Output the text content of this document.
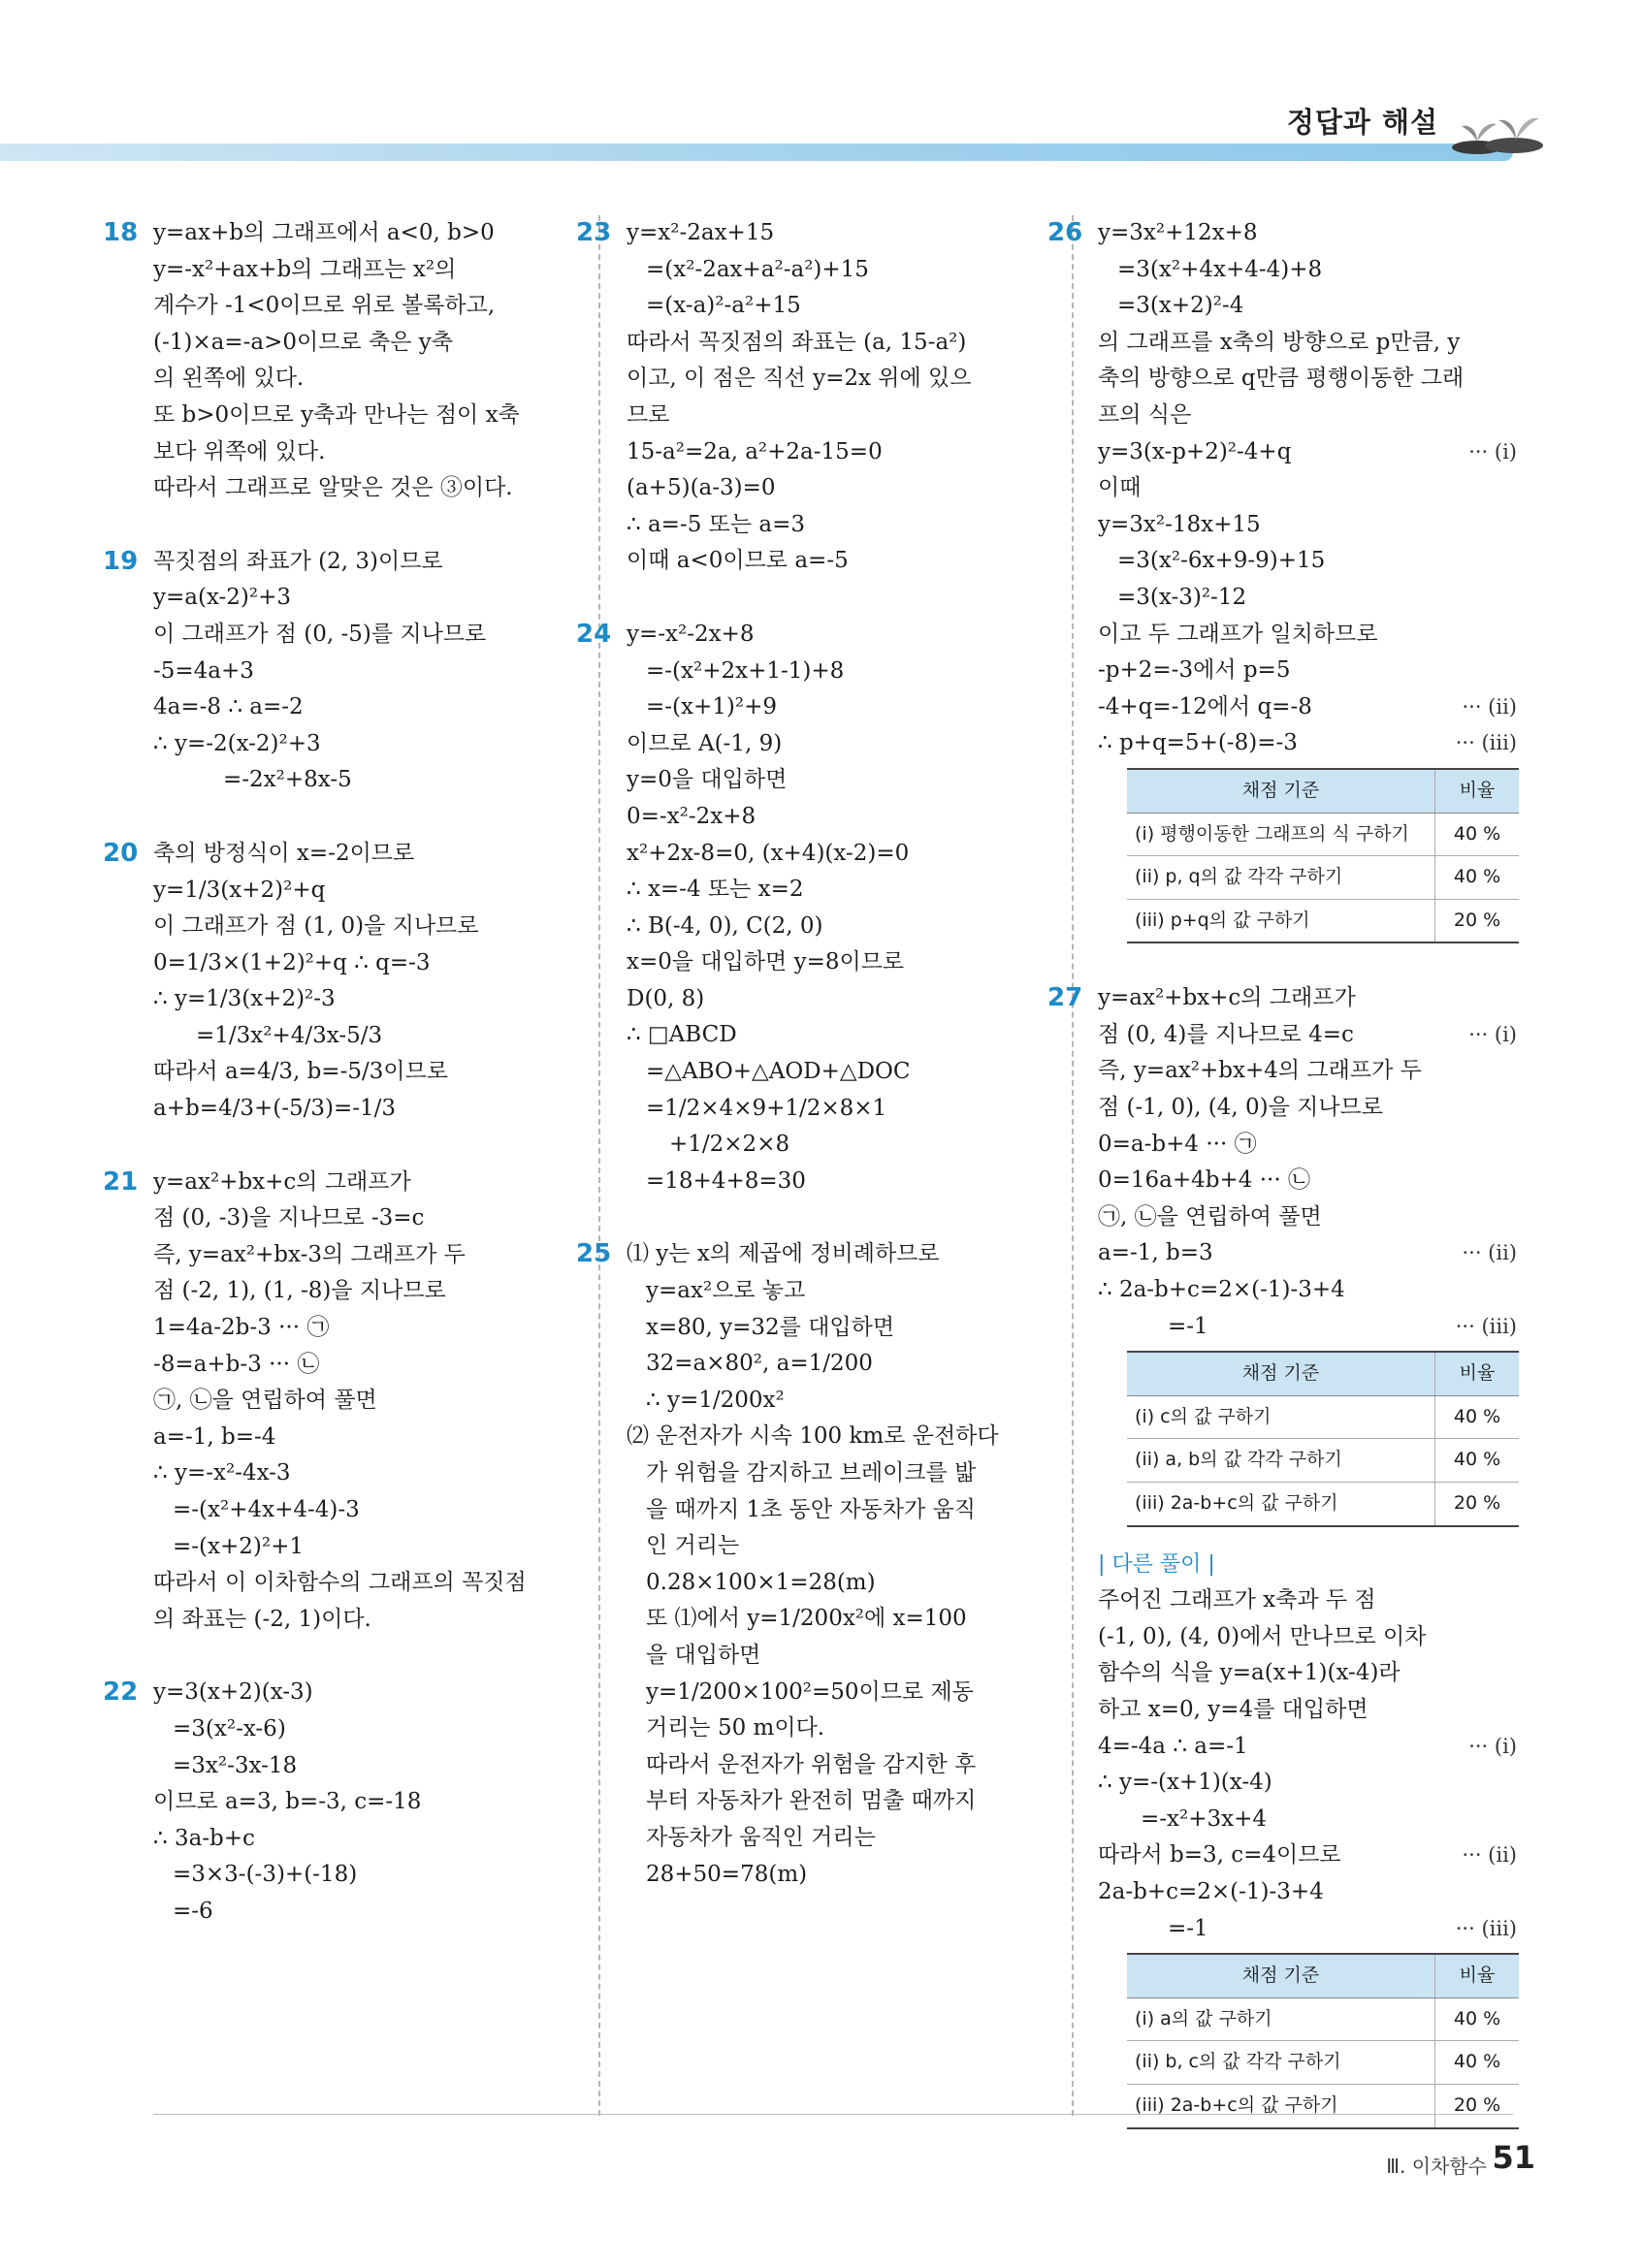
정답과 해설
18 y=ax+b의 그래프에서 a<0, b>0
y=-x²+ax+b의 그래프는 x²의
계수가 -1<0이므로 위로 볼록하고,
(-1)×a=-a>0이므로 축은 y축
의 왼쪽에 있다.
또 b>0이므로 y축과 만나는 점이 x축
보다 위쪽에 있다.
따라서 그래프로 알맞은 것은 ③이다.
19 꼭짓점의 좌표가 (2, 3)이므로
y=a(x-2)²+3
이 그래프가 점 (0, -5)를 지나므로
-5=4a+3
4a=-8 ∴ a=-2
∴ y=-2(x-2)²+3
=-2x²+8x-5
20 축의 방정식이 x=-2이므로
y=1/3(x+2)²+q
이 그래프가 점 (1, 0)을 지나므로
0=1/3×(1+2)²+q ∴ q=-3
∴ y=1/3(x+2)²-3
=1/3x²+4/3x-5/3
따라서 a=4/3, b=-5/3이므로
a+b=4/3+(-5/3)=-1/3
21 y=ax²+bx+c의 그래프가
점 (0, -3)을 지나므로 -3=c
즉, y=ax²+bx-3의 그래프가 두
점 (-2, 1), (1, -8)을 지나므로
1=4a-2b-3 ··· ㉠
-8=a+b-3 ··· ㉡
㉠, ㉡을 연립하여 풀면
a=-1, b=-4
∴ y=-x²-4x-3
=-(x²+4x+4-4)-3
=-(x+2)²+1
따라서 이 이차함수의 그래프의 꼭짓점
의 좌표는 (-2, 1)이다.
22 y=3(x+2)(x-3)
=3(x²-x-6)
=3x²-3x-18
이므로 a=3, b=-3, c=-18
∴ 3a-b+c
=3×3-(-3)+(-18)
=-6
23 y=x²-2ax+15
=(x²-2ax+a²-a²)+15
=(x-a)²-a²+15
따라서 꼭짓점의 좌표는 (a, 15-a²)
이고, 이 점은 직선 y=2x 위에 있으
므로
15-a²=2a, a²+2a-15=0
(a+5)(a-3)=0
∴ a=-5 또는 a=3
이때 a<0이므로 a=-5
24 y=-x²-2x+8
=-(x²+2x+1-1)+8
=-(x+1)²+9
이므로 A(-1, 9)
y=0을 대입하면
0=-x²-2x+8
x²+2x-8=0, (x+4)(x-2)=0
∴ x=-4 또는 x=2
∴ B(-4, 0), C(2, 0)
x=0을 대입하면 y=8이므로
D(0, 8)
∴ □ABCD
=△ABO+△AOD+△DOC
=1/2×4×9+1/2×8×1
+1/2×2×8
=18+4+8=30
25 ⑴ y는 x의 제곱에 정비례하므로
y=ax²으로 놓고
x=80, y=32를 대입하면
32=a×80², a=1/200
∴ y=1/200x²
⑵ 운전자가 시속 100 km로 운전하다
가 위험을 감지하고 브레이크를 밟
을 때까지 1초 동안 자동차가 움직
인 거리는
0.28×100×1=28(m)
또 ⑴에서 y=1/200x²에 x=100
을 대입하면
y=1/200×100²=50이므로 제동
거리는 50 m이다.
따라서 운전자가 위험을 감지한 후
부터 자동차가 완전히 멈출 때까지
자동차가 움직인 거리는
28+50=78(m)
26 y=3x²+12x+8
=3(x²+4x+4-4)+8
=3(x+2)²-4
의 그래프를 x축의 방향으로 p만큼, y
축의 방향으로 q만큼 평행이동한 그래
프의 식은
y=3(x-p+2)²-4+q	··· (i)
이때
y=3x²-18x+15
=3(x²-6x+9-9)+15
=3(x-3)²-12
이고 두 그래프가 일치하므로
-p+2=-3에서 p=5
-4+q=-12에서 q=-8	··· (ii)
∴ p+q=5+(-8)=-3	··· (iii)
채점 기준	비율
(i) 평행이동한 그래프의 식 구하기	40 %
(ii) p, q의 값 각각 구하기	40 %
(iii) p+q의 값 구하기	20 %
27 y=ax²+bx+c의 그래프가
점 (0, 4)를 지나므로 4=c	··· (i)
즉, y=ax²+bx+4의 그래프가 두
점 (-1, 0), (4, 0)을 지나므로
0=a-b+4 ··· ㉠
0=16a+4b+4 ··· ㉡
㉠, ㉡을 연립하여 풀면
a=-1, b=3	··· (ii)
∴ 2a-b+c=2×(-1)-3+4
=-1	··· (iii)
채점 기준	비율
(i) c의 값 구하기	40 %
(ii) a, b의 값 각각 구하기	40 %
(iii) 2a-b+c의 값 구하기	20 %
| 다른 풀이 |
주어진 그래프가 x축과 두 점
(-1, 0), (4, 0)에서 만나므로 이차
함수의 식을 y=a(x+1)(x-4)라
하고 x=0, y=4를 대입하면
4=-4a ∴ a=-1	··· (i)
∴ y=-(x+1)(x-4)
=-x²+3x+4
따라서 b=3, c=4이므로	··· (ii)
2a-b+c=2×(-1)-3+4
=-1	··· (iii)
채점 기준	비율
(i) a의 값 구하기	40 %
(ii) b, c의 값 각각 구하기	40 %
(iii) 2a-b+c의 값 구하기	20 %
Ⅲ. 이차함수 51
